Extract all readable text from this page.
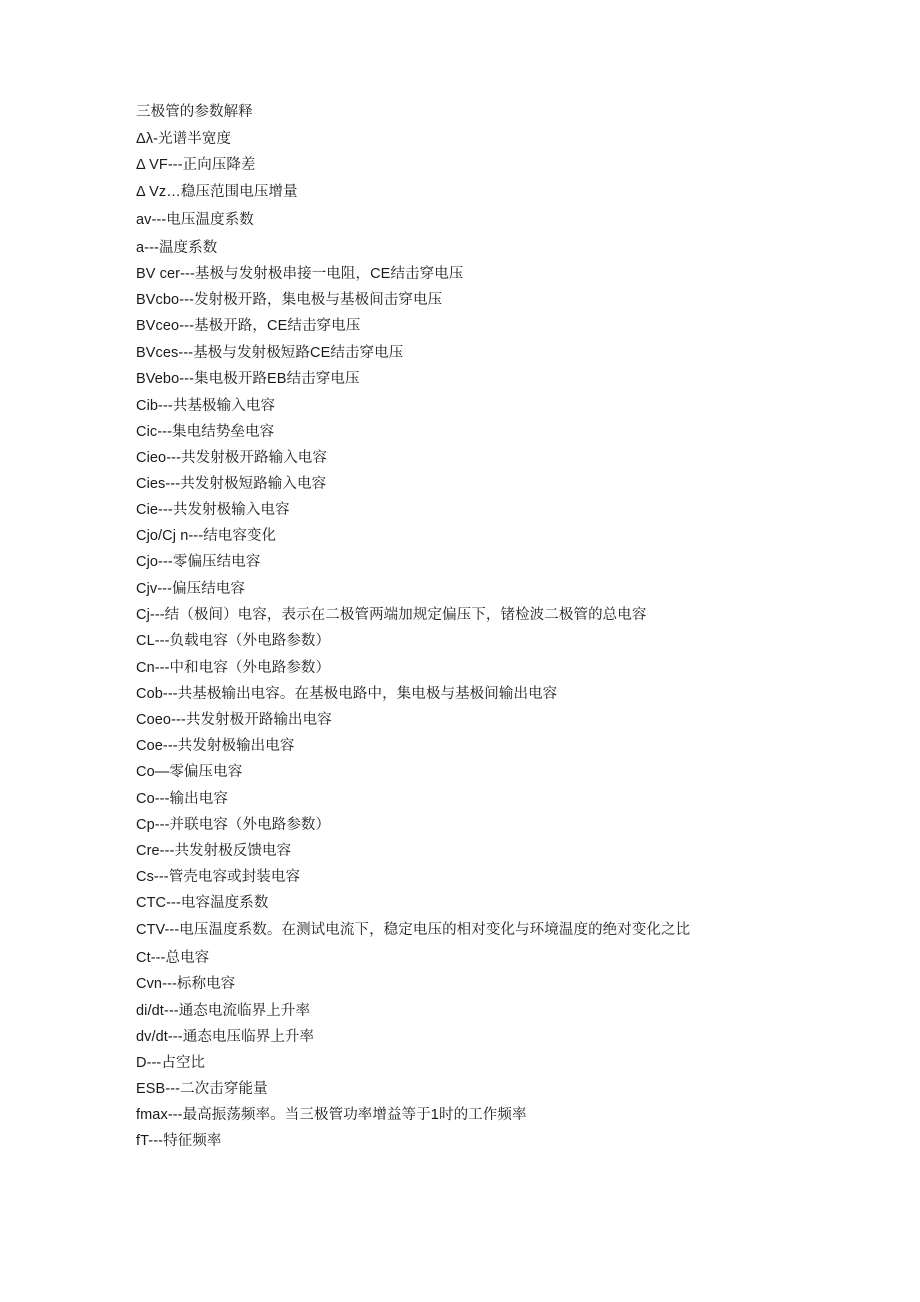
三极管的参数解释
Δλ-光谱半宽度
Δ VF---正向压降差
Δ Vz…稳压范围电压增量
av---电压温度系数
a---温度系数
BV cer---基极与发射极串接一电阻，CE结击穿电压
BVcbo---发射极开路，集电极与基极间击穿电压
BVceo---基极开路，CE结击穿电压
BVces---基极与发射极短路CE结击穿电压
BVebo---集电极开路EB结击穿电压
Cib---共基极输入电容
Cic---集电结势垒电容
Cieo---共发射极开路输入电容
Cies---共发射极短路输入电容
Cie---共发射极输入电容
Cjo/Cj n---结电容变化
Cjo---零偏压结电容
Cjv---偏压结电容
Cj---结（极间）电容，表示在二极管两端加规定偏压下，锗检波二极管的总电容
CL---负载电容（外电路参数）
Cn---中和电容（外电路参数）
Cob---共基极输出电容。在基极电路中，集电极与基极间输出电容
Coeo---共发射极开路输出电容
Coe---共发射极输出电容
Co—零偏压电容
Co---输出电容
Cp---并联电容（外电路参数）
Cre---共发射极反馈电容
Cs---管壳电容或封装电容
CTC---电容温度系数
CTV---电压温度系数。在测试电流下，稳定电压的相对变化与环境温度的绝对变化之比
Ct---总电容
Cvn---标称电容
di/dt---通态电流临界上升率
dv/dt---通态电压临界上升率
D---占空比
ESB---二次击穿能量
fmax---最高振荡频率。当三极管功率增益等于1时的工作频率
fT---特征频率
